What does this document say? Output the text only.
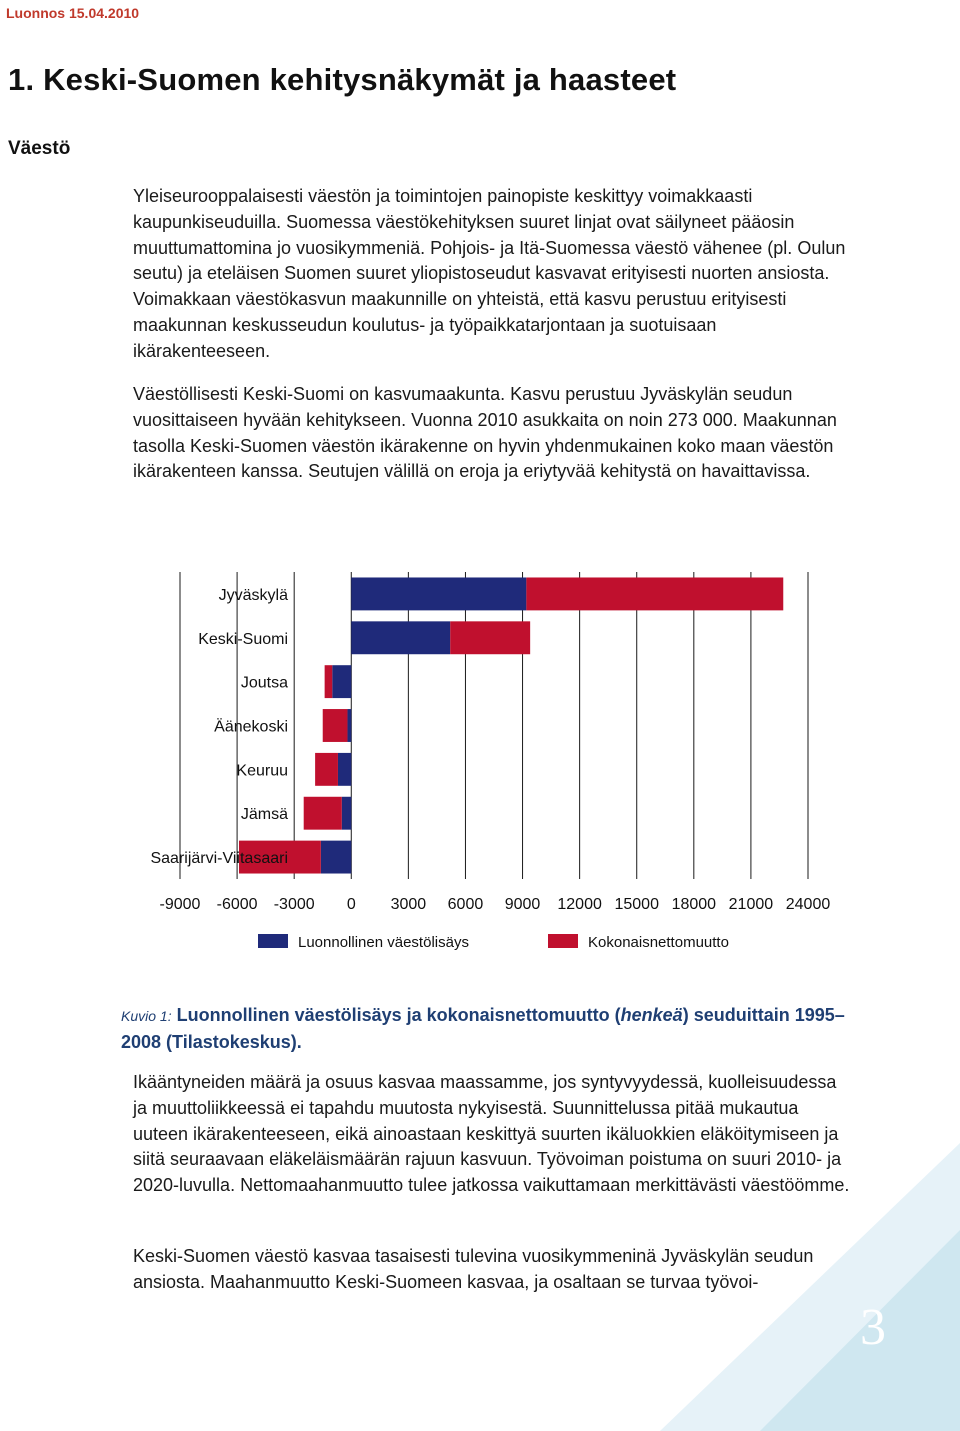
Luonnos 15.04.2010
1. Keski-Suomen kehitysnäkymät ja haasteet
Väestö

Yleiseurooppalaisesti väestön ja toimintojen painopiste keskittyy voimakkaasti kaupunkiseuduilla. Suomessa väestökehityksen suuret linjat ovat säilyneet pääosin muuttumattomina jo vuosikymmeniä. Pohjois- ja Itä-Suomessa väestö vähenee (pl. Oulun seutu) ja eteläisen Suomen suuret yliopistoseudut kasvavat erityisesti nuorten ansiosta. Voimakkaan väestökasvun maakunnille on yhteistä, että kasvu perustuu erityisesti maakunnan keskusseudun koulutus- ja työpaikkatarjontaan ja suotuisaan ikärakenteeseen.

Väestöllisesti Keski-Suomi on kasvumaakunta. Kasvu perustuu Jyväskylän seudun vuosittaiseen hyvään kehitykseen. Vuonna 2010 asukkaita on noin 273 000. Maakunnan tasolla Keski-Suomen väestön ikärakenne on hyvin yhdenmukainen koko maan väestön ikärakenteen kanssa. Seutujen välillä on eroja ja eriytyvää kehitystä on havaittavissa.

Jyväskylä
Keski-Suomi
Joutsa
Äänekoski
Keuruu
Jämsä
Saarijärvi-Viitasaari
-9000 -6000 -3000 0 3000 6000 9000 12000 15000 18000 21000 24000
Luonnollinen väestölisäys	Kokonaisnettomuutto
Kuvio 1: Luonnollinen väestölisäys ja kokonaisnettomuutto (henkeä) seuduittain 1995–2008 (Tilastokeskus).

Ikääntyneiden määrä ja osuus kasvaa maassamme, jos syntyvyydessä, kuolleisuudessa ja muuttoliikkeessä ei tapahdu muutosta nykyisestä. Suunnittelussa pitää mukautua uuteen ikärakenteeseen, eikä ainoastaan keskittyä suurten ikäluokkien eläköitymiseen ja siitä seuraavaan eläkeläismäärän rajuun kasvuun. Työvoiman poistuma on suuri 2010- ja 2020-luvulla. Nettomaahanmuutto tulee jatkossa vaikuttamaan merkittävästi väestöömme.

Keski-Suomen väestö kasvaa tasaisesti tulevina vuosikymmeninä Jyväskylän seudun ansiosta. Maahanmuutto Keski-Suomeen kasvaa, ja osaltaan se turvaa työvoi-

3
